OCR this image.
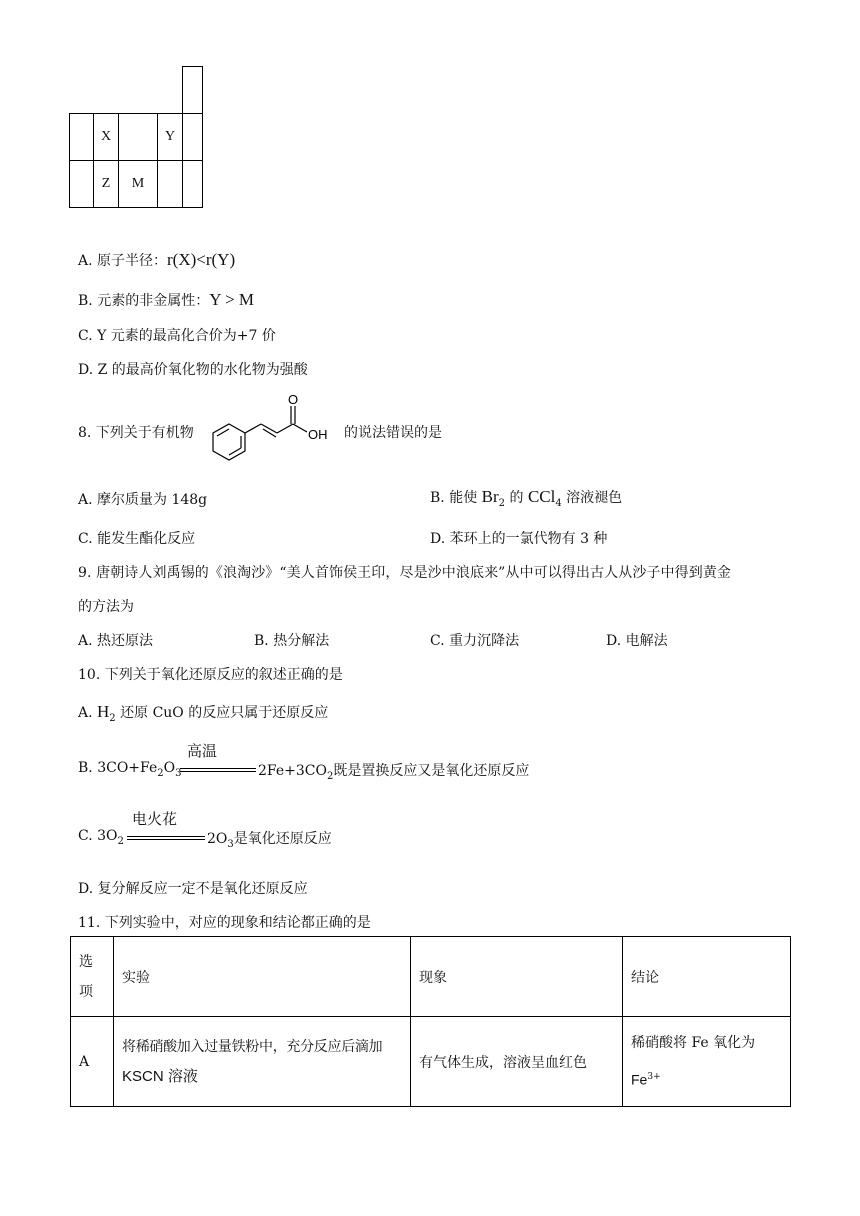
	X		Y	
	Z	M		
A. 原子半径：r(X)<r(Y)
B. 元素的非金属性：Y > M
C. Y 元素的最高化合价为+7 价
D. Z 的最高价氧化物的水化物为强酸
8. 下列关于有机物
O
OH 的说法错误的是
A. 摩尔质量为 148g	B. 能使 $Br_2$ 的 CCl$_4$ 溶液褪色
C. 能发生酯化反应	D. 苯环上的一氯代物有 3 种
9. 唐朝诗人刘禹锡的《浪淘沙》“美人首饰侯王印，尽是沙中浪底来”从中可以得出古人从沙子中得到黄金
的方法为
A. 热还原法	B. 热分解法	C. 重力沉降法	D. 电解法
10. 下列关于氧化还原反应的叙述正确的是
A. $H_2$ 还原 CuO 的反应只属于还原反应
B. $3CO+Fe_2O_3$
高温
$2Fe+3CO_2$既是置换反应又是氧化还原反应
C. $3O_2$
电火花
$2O_3$是氧化还原反应
D. 复分解反应一定不是氧化还原反应
11. 下列实验中，对应的现象和结论都正确的是
选
项	实验	现象	结论
A	将稀硝酸加入过量铁粉中，充分反应后滴加
KSCN 溶液	有气体生成，溶液呈血红色	稀硝酸将 Fe 氧化为
$Fe^{3+}$
